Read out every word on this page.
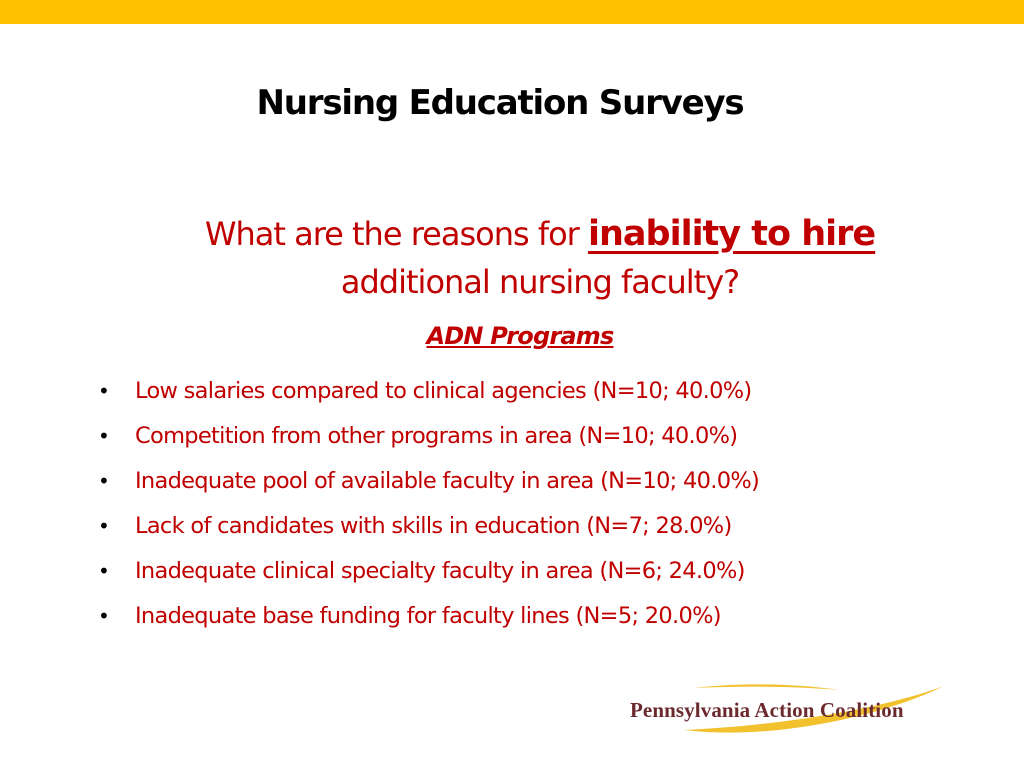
Nursing Education Surveys
What are the reasons for inability to hire
additional nursing faculty?
ADN Programs
• Low salaries compared to clinical agencies (N=10; 40.0%)
• Competition from other programs in area (N=10; 40.0%)
• Inadequate pool of available faculty in area (N=10; 40.0%)
• Lack of candidates with skills in education (N=7; 28.0%)
• Inadequate clinical specialty faculty in area (N=6; 24.0%)
• Inadequate base funding for faculty lines (N=5; 20.0%)
Pennsylvania Action Coalition
